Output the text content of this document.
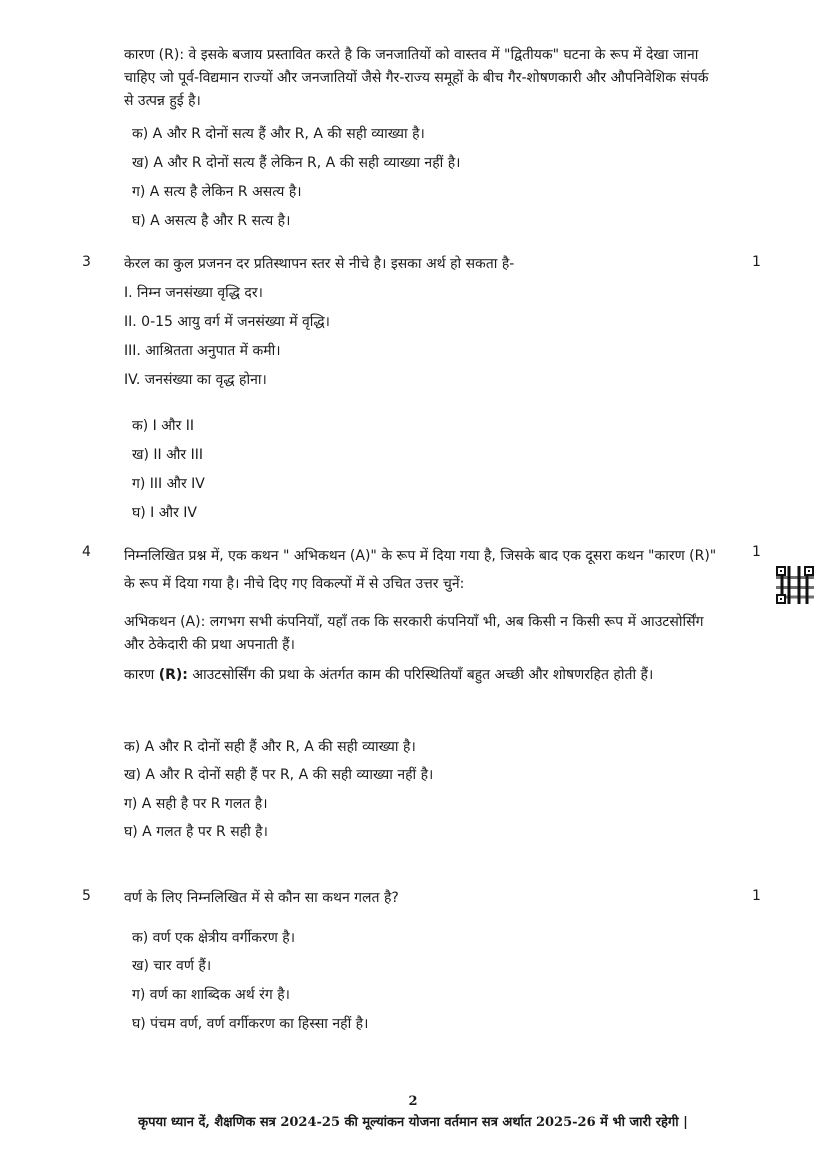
कारण (R): वे इसके बजाय प्रस्तावित करते है कि जनजातियों को वास्तव में "द्वितीयक" घटना के रूप में देखा जाना चाहिए जो पूर्व-विद्यमान राज्यों और जनजातियों जैसे गैर-राज्य समूहों के बीच गैर-शोषणकारी और औपनिवेशिक संपर्क से उत्पन्न हुई है।
क) A और R दोनों सत्य हैं और R, A की सही व्याख्या है।
ख) A और R दोनों सत्य हैं लेकिन R, A की सही व्याख्या नहीं है।
ग) A सत्य है लेकिन R असत्य है।
घ) A असत्य है और R सत्य है।
3 केरल का कुल प्रजनन दर प्रतिस्थापन स्तर से नीचे है। इसका अर्थ हो सकता है-	1
I. निम्न जनसंख्या वृद्धि दर।
II. 0-15 आयु वर्ग में जनसंख्या में वृद्धि।
III. आश्रितता अनुपात में कमी।
IV. जनसंख्या का वृद्ध होना।
क) I और II
ख) II और III
ग) III और IV
घ) I और IV
4 निम्नलिखित प्रश्न में, एक कथन " अभिकथन (A)" के रूप में दिया गया है, जिसके बाद एक दूसरा कथन "कारण (R)" के रूप में दिया गया है। नीचे दिए गए विकल्पों में से उचित उत्तर चुनें:
1
अभिकथन (A): लगभग सभी कंपनियाँ, यहाँ तक कि सरकारी कंपनियाँ भी, अब किसी न किसी रूप में आउटसोर्सिंग और ठेकेदारी की प्रथा अपनाती हैं।
कारण (R): आउटसोर्सिंग की प्रथा के अंतर्गत काम की परिस्थितियाँ बहुत अच्छी और शोषणरहित होती हैं।
क) A और R दोनों सही हैं और R, A की सही व्याख्या है।
ख) A और R दोनों सही हैं पर R, A की सही व्याख्या नहीं है।
ग) A सही है पर R गलत है।
घ) A गलत है पर R सही है।
5 वर्ण के लिए निम्नलिखित में से कौन सा कथन गलत है?	1
क) वर्ण एक क्षेत्रीय वर्गीकरण है।
ख) चार वर्ण हैं।
ग) वर्ण का शाब्दिक अर्थ रंग है।
घ) पंचम वर्ण, वर्ण वर्गीकरण का हिस्सा नहीं है।
2
कृपया ध्यान दें, शैक्षणिक सत्र 2024-25 की मूल्यांकन योजना वर्तमान सत्र अर्थात 2025-26 में भी जारी रहेगी |
